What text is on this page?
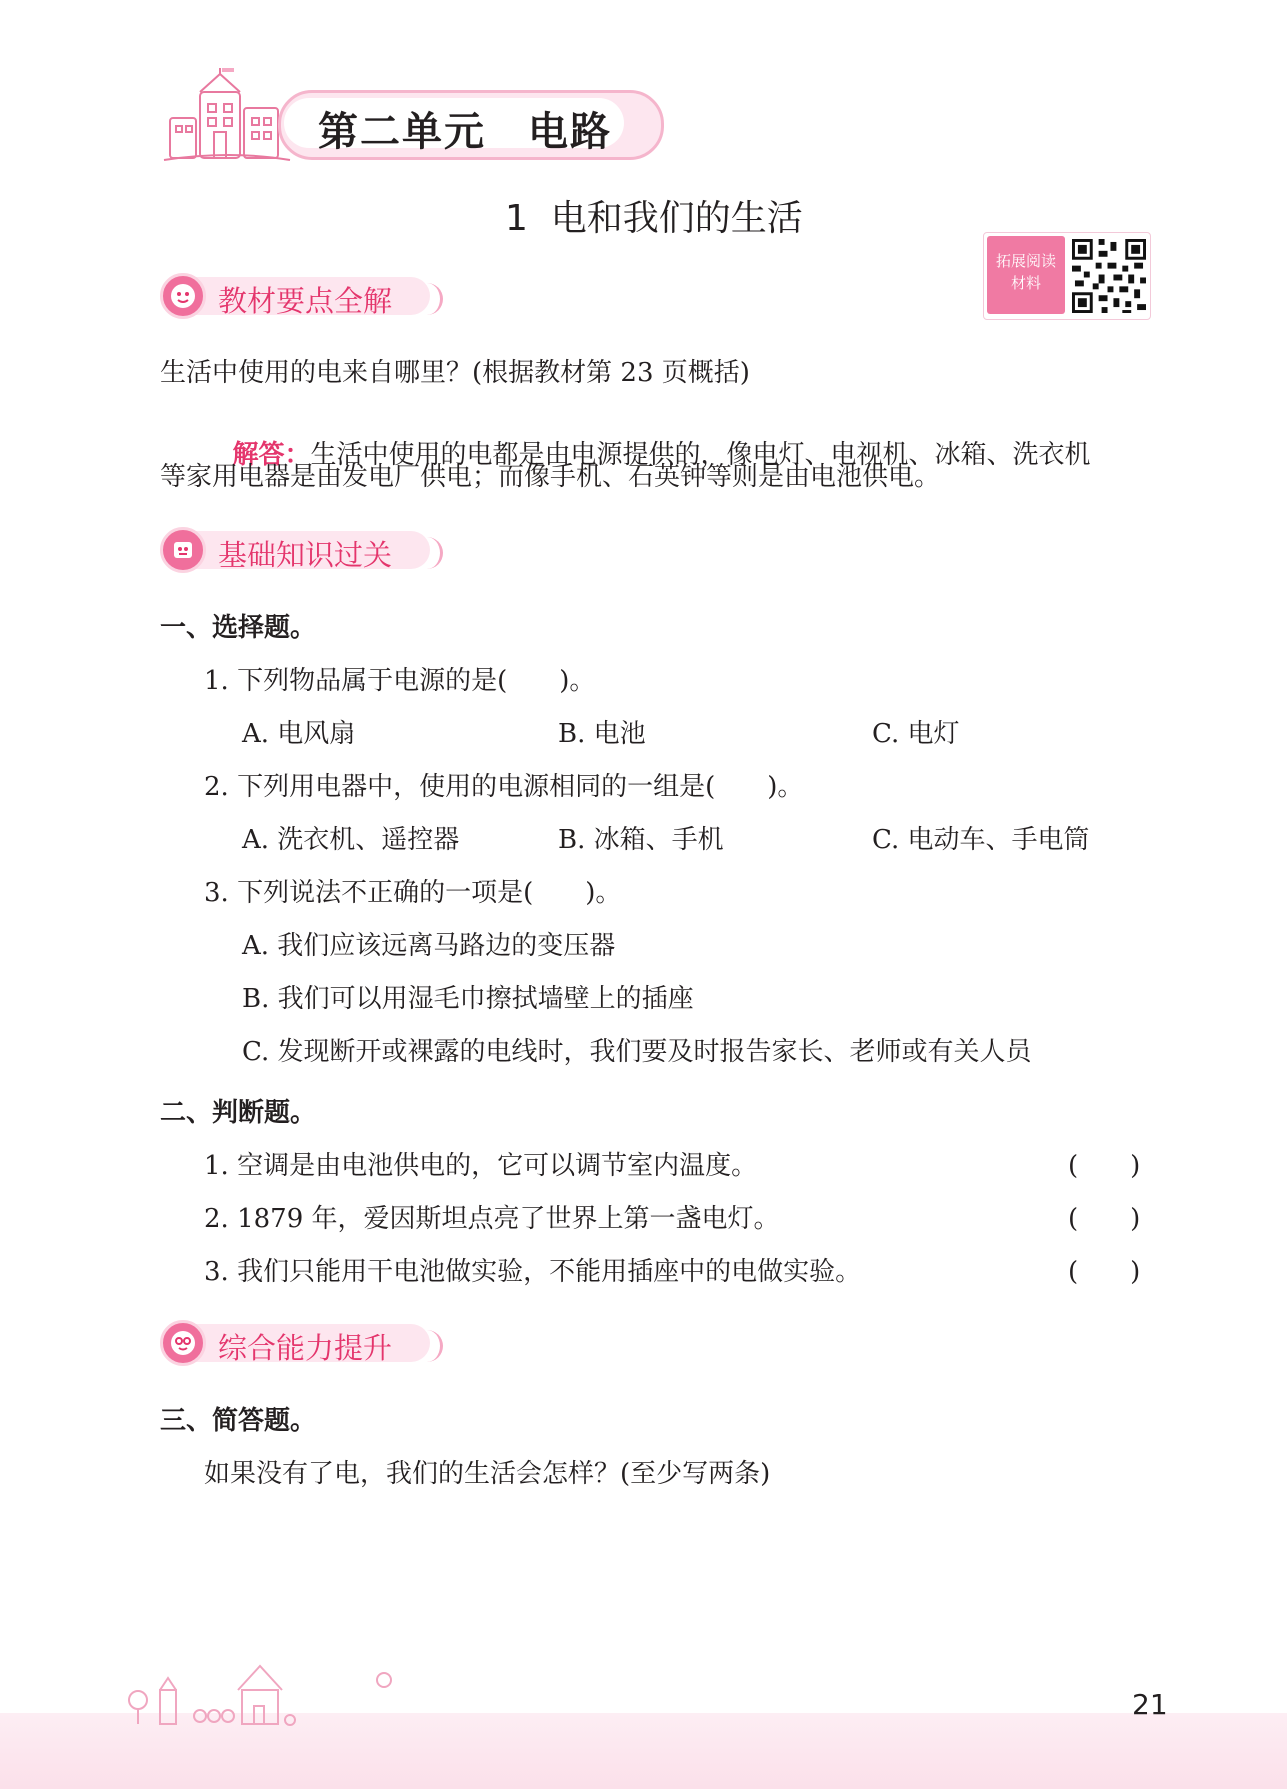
第二单元　电路
1  电和我们的生活
拓展阅读
材料
教材要点全解
生活中使用的电来自哪里？(根据教材第 23 页概括)

解答：生活中使用的电都是由电源提供的，像电灯、电视机、冰箱、洗衣机

等家用电器是由发电厂供电；而像手机、石英钟等则是由电池供电。
基础知识过关
一、选择题。
1. 下列物品属于电源的是(　　)。
A. 电风扇	B. 电池	C. 电灯
2. 下列用电器中，使用的电源相同的一组是(　　)。
A. 洗衣机、遥控器	B. 冰箱、手机	C. 电动车、手电筒
3. 下列说法不正确的一项是(　　)。
A. 我们应该远离马路边的变压器
B. 我们可以用湿毛巾擦拭墙壁上的插座
C. 发现断开或裸露的电线时，我们要及时报告家长、老师或有关人员
二、判断题。
1. 空调是由电池供电的，它可以调节室内温度。	(　　)
2. 1879 年，爱因斯坦点亮了世界上第一盏电灯。	(　　)
3. 我们只能用干电池做实验，不能用插座中的电做实验。	(　　)
综合能力提升
三、简答题。
如果没有了电，我们的生活会怎样？(至少写两条)
21
